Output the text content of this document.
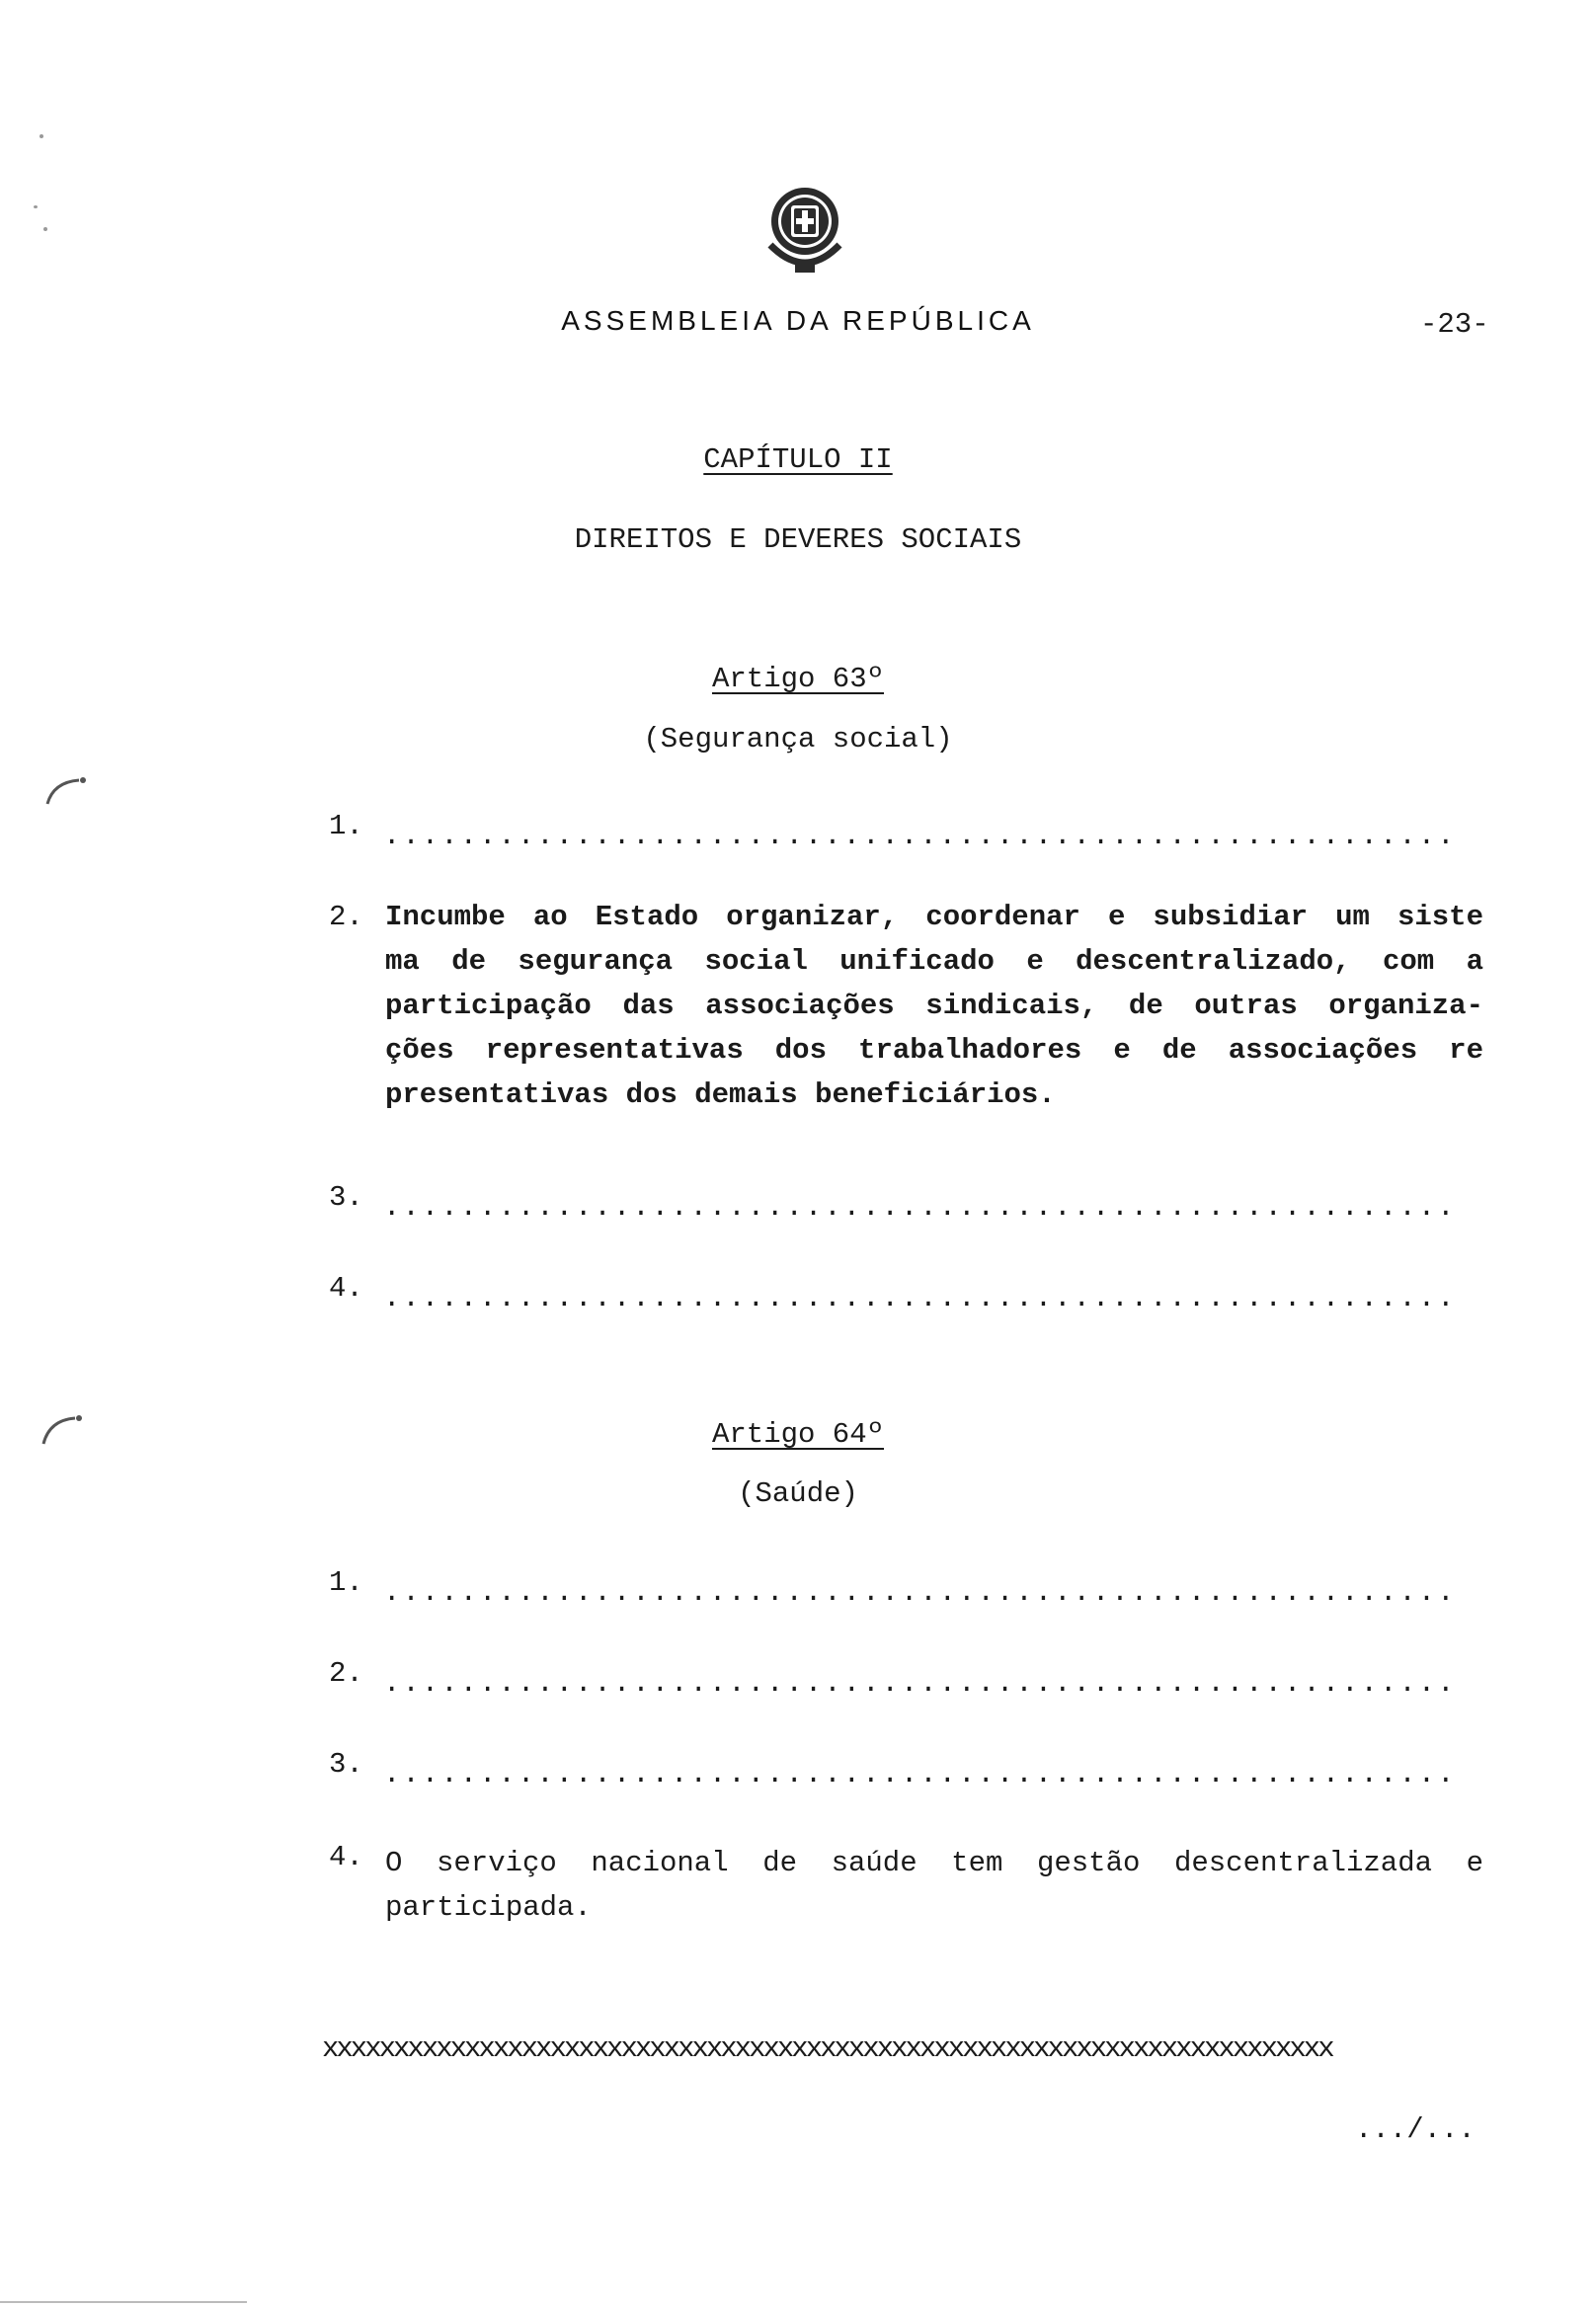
ASSEMBLEIA DA REPÚBLICA	-23-
CAPÍTULO II
DIREITOS E DEVERES SOCIAIS
Artigo 63º
(Segurança social)
1. ........................................................
2. Incumbe ao Estado organizar, coordenar e subsidiar um siste
ma de segurança social unificado e descentralizado, com a
participação das associações sindicais, de outras organiza-
ções representativas dos trabalhadores e de associações re
presentativas dos demais beneficiários.
3. ........................................................
4. ........................................................
Artigo 64º
(Saúde)
1. ........................................................
2. ........................................................
3. ........................................................
4. O serviço nacional de saúde tem gestão descentralizada e
participada.
xxxxxxxxxxxxxxxxxxxxxxxxxxxxxxxxxxxxxxxxxxxxxxxxxxxxxxxxxxxxxxxxxxxxxxx
.../...
